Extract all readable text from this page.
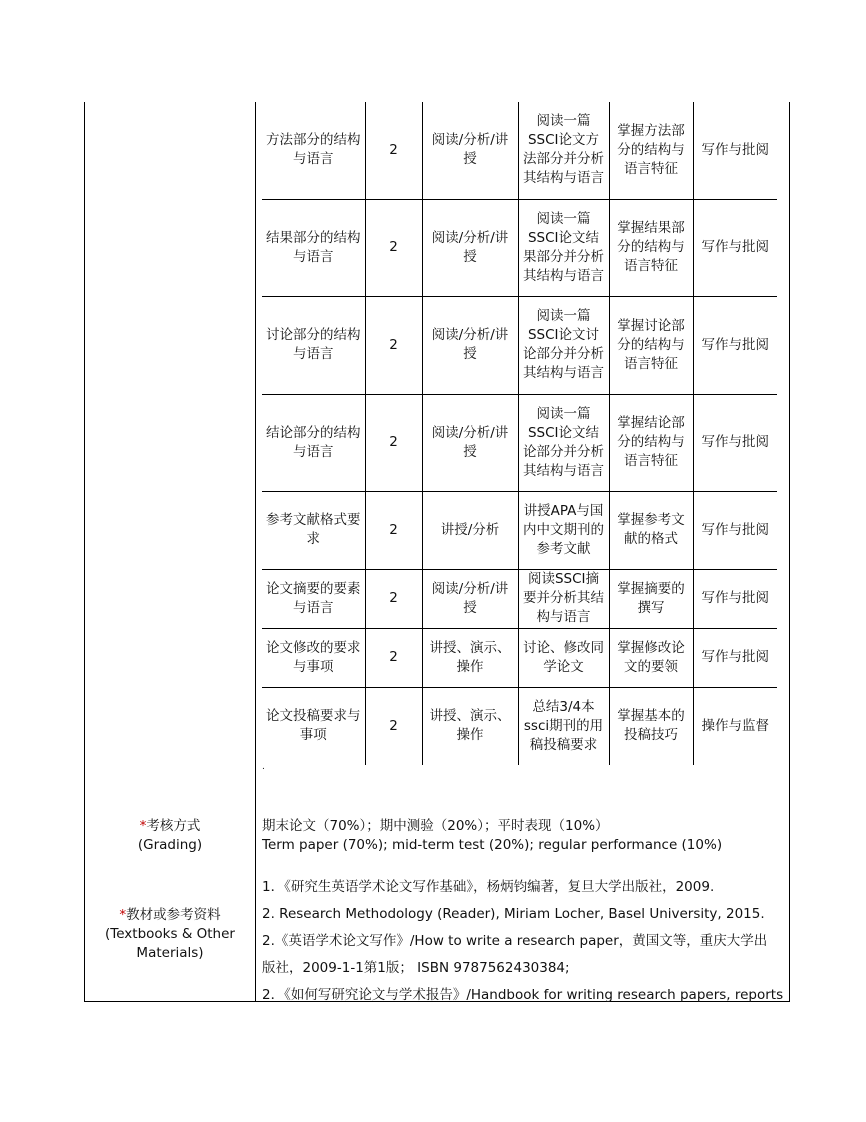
方法部分的结构与语言	2	阅读/分析/讲授	阅读一篇SSCI论文方法部分并分析其结构与语言	掌握方法部分的结构与语言特征	写作与批阅
结果部分的结构与语言	2	阅读/分析/讲授	阅读一篇SSCI论文结果部分并分析其结构与语言	掌握结果部分的结构与语言特征	写作与批阅
讨论部分的结构与语言	2	阅读/分析/讲授	阅读一篇SSCI论文讨论部分并分析其结构与语言	掌握讨论部分的结构与语言特征	写作与批阅
结论部分的结构与语言	2	阅读/分析/讲授	阅读一篇SSCI论文结论部分并分析其结构与语言	掌握结论部分的结构与语言特征	写作与批阅
参考文献格式要求	2	讲授/分析	讲授APA与国内中文期刊的参考文献	掌握参考文献的格式	写作与批阅
论文摘要的要素与语言	2	阅读/分析/讲授	阅读SSCI摘要并分析其结构与语言	掌握摘要的撰写	写作与批阅
论文修改的要求与事项	2	讲授、演示、操作	讨论、修改同学论文	掌握修改论文的要领	写作与批阅
论文投稿要求与事项	2	讲授、演示、操作	总结3/4本ssci期刊的用稿投稿要求	掌握基本的投稿技巧	操作与监督
.
*考核方式
(Grading)
期末论文（70%）；期中测验（20%）；平时表现（10%）
Term paper (70%); mid-term test (20%); regular performance (10%)
*教材或参考资料
(Textbooks & Other
Materials)
1．《研究生英语学术论文写作基础》，杨炳钧编著，复旦大学出版社，2009.
2. Research Methodology (Reader), Miriam Locher, Basel University, 2015.
2.《英语学术论文写作》/How to write a research paper，黄国文等，重庆大学出
版社，2009-1-1第1版； ISBN 9787562430384;
2．《如何写研究论文与学术报告》/Handbook for writing research papers, reports
